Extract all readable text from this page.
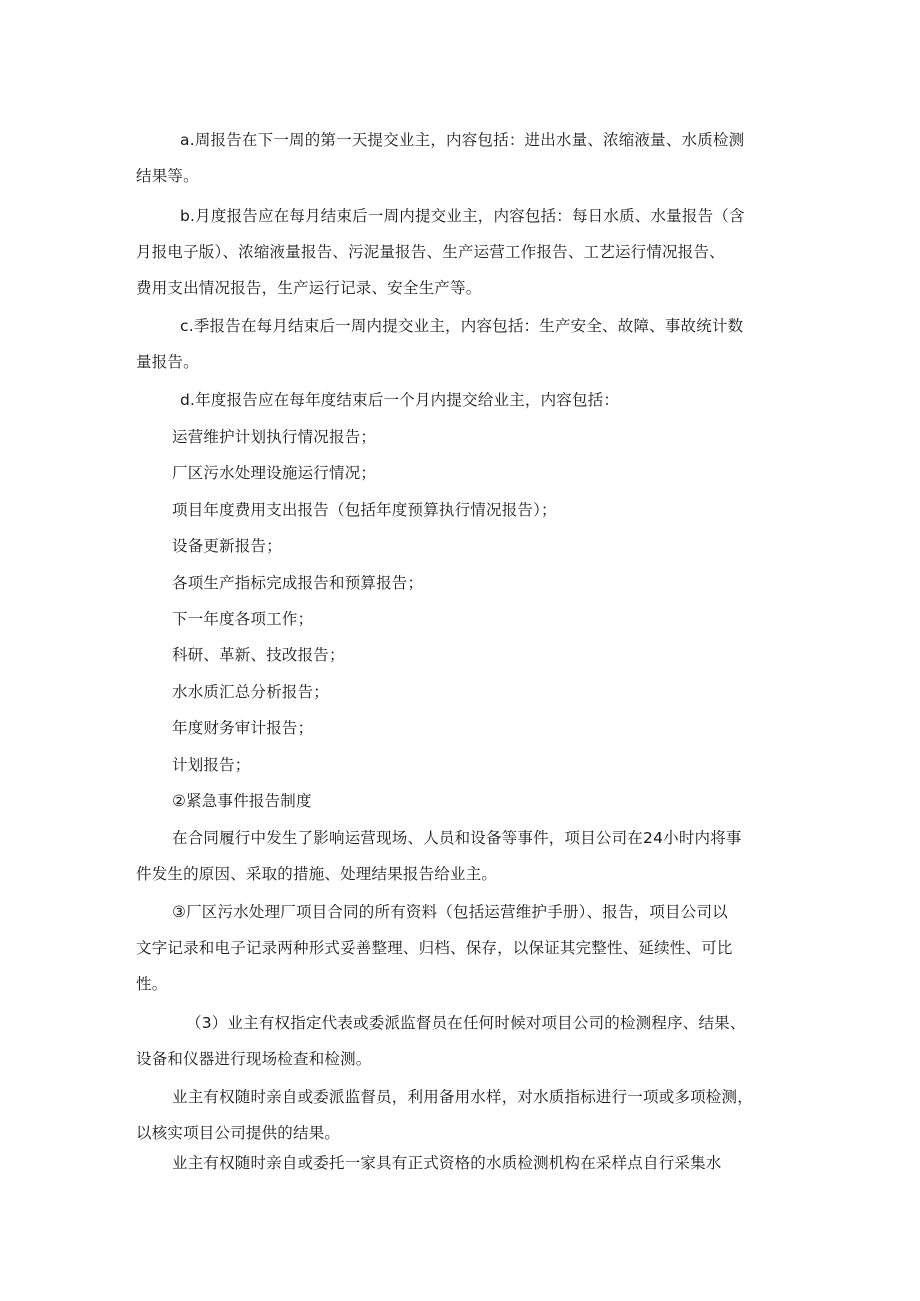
a.周报告在下一周的第一天提交业主，内容包括：进出水量、浓缩液量、水质检测

结果等。

b.月度报告应在每月结束后一周内提交业主，内容包括：每日水质、水量报告（含

月报电子版）、浓缩液量报告、污泥量报告、生产运营工作报告、工艺运行情况报告、

费用支出情况报告，生产运行记录、安全生产等。

c.季报告在每月结束后一周内提交业主，内容包括：生产安全、故障、事故统计数

量报告。

d.年度报告应在每年度结束后一个月内提交给业主，内容包括：

运营维护计划执行情况报告；

厂区污水处理设施运行情况；

项目年度费用支出报告（包括年度预算执行情况报告）；

设备更新报告；

各项生产指标完成报告和预算报告；

下一年度各项工作；

科研、革新、技改报告；

水水质汇总分析报告；

年度财务审计报告；

计划报告；

②紧急事件报告制度

在合同履行中发生了影响运营现场、人员和设备等事件，项目公司在24小时内将事

件发生的原因、采取的措施、处理结果报告给业主。

③厂区污水处理厂项目合同的所有资料（包括运营维护手册）、报告，项目公司以

文字记录和电子记录两种形式妥善整理、归档、保存，以保证其完整性、延续性、可比

性。

（3）业主有权指定代表或委派监督员在任何时候对项目公司的检测程序、结果、

设备和仪器进行现场检查和检测。

业主有权随时亲自或委派监督员，利用备用水样，对水质指标进行一项或多项检测，

以核实项目公司提供的结果。

业主有权随时亲自或委托一家具有正式资格的水质检测机构在采样点自行采集水
